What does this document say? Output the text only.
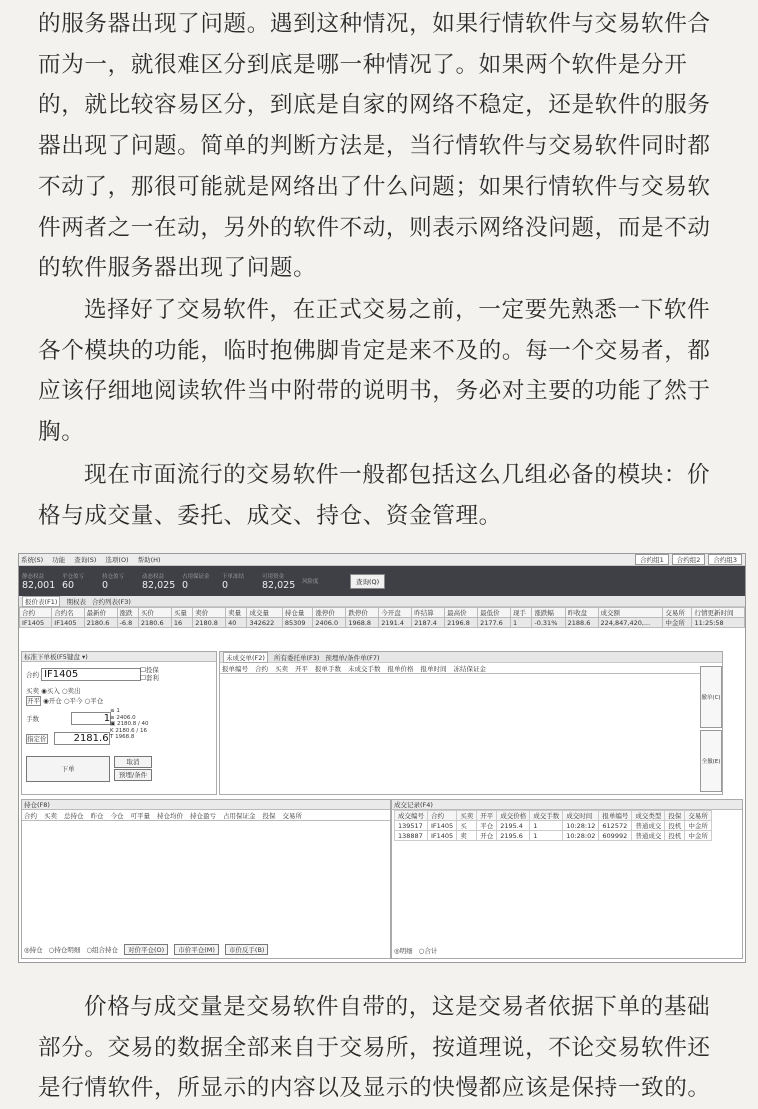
的服务器出现了问题。遇到这种情况，如果行情软件与交易软件合而为一，就很难区分到底是哪一种情况了。如果两个软件是分开的，就比较容易区分，到底是自家的网络不稳定，还是软件的服务器出现了问题。简单的判断方法是，当行情软件与交易软件同时都不动了，那很可能就是网络出了什么问题；如果行情软件与交易软件两者之一在动，另外的软件不动，则表示网络没问题，而是不动的软件服务器出现了问题。

选择好了交易软件，在正式交易之前，一定要先熟悉一下软件各个模块的功能，临时抱佛脚肯定是来不及的。每一个交易者，都应该仔细地阅读软件当中附带的说明书，务必对主要的功能了然于胸。

现在市面流行的交易软件一般都包括这么几组必备的模块：价格与成交量、委托、成交、持仓、资金管理。

系统(S) 功能 查询(S) 选项(O) 帮助(H)	合约组1	合约组2	合约组3
静态权益
82,001
平仓盈亏
60
持仓盈亏
0
动态权益
82,025
占用保证金
0
下单冻结
0
可用资金
82,025	风险度	查询(Q)
报价表(F1)	期权表 合约列表(F3)
合约	合约名	最新价	涨跌	买价	买量	卖价	卖量	成交量	持仓量	涨停价	跌停价	今开盘	昨结算	最高价	最低价	现手	涨跌幅	昨收盘	成交额	交易所	行情更新时间
IF1405	IF1405	2180.6	-6.8	2180.6	16	2180.8	40	342622	85309	2406.0	1968.8	2191.4	2187.4	2196.8	2177.6	1	-0.31%	2188.6	224,847,420,...	中金所	11:25:58
标准下单板(F5键盘 ▾)
合约 IF1405	☐投保
☐套利
买卖 ◉买入 ○卖出
开平 ◉开仓 ○平今 ○平仓
手数	1
指定价	2181.6
≤ 1
≥ 2406.0
▣ 2180.8 / 40
K 2180.6 / 16
T 1968.8
下单
取消
预埋/条件
未成交单(F2)	所有委托单(F3) 预埋单/条件单(F7)
报单编号 合约 买卖 开平 报单手数 未成交手数 报单价格 报单时间 冻结保证金
撤单(C)
全撤(E)
持仓(F8)
合约 买卖 总持仓 昨仓 今仓 可平量 持仓均价 持仓盈亏 占用保证金 投保 交易所
◎持仓 ○持仓明细 ○组合持仓	对价平仓(O)	市价平仓(M)	市价反手(B)
成交记录(F4)
成交编号	合约	买卖	开平	成交价格	成交手数	成交时间	报单编号	成交类型	投保	交易所
139517	IF1405	买	平仓	2195.4	1	10:28:12	612572	普通成交	投机	中金所
138887	IF1405	卖	开仓	2195.6	1	10:28:02	609992	普通成交	投机	中金所
◎明细 ○合计

价格与成交量是交易软件自带的，这是交易者依据下单的基础部分。交易的数据全部来自于交易所，按道理说，不论交易软件还是行情软件，所显示的内容以及显示的快慢都应该是保持一致的。
